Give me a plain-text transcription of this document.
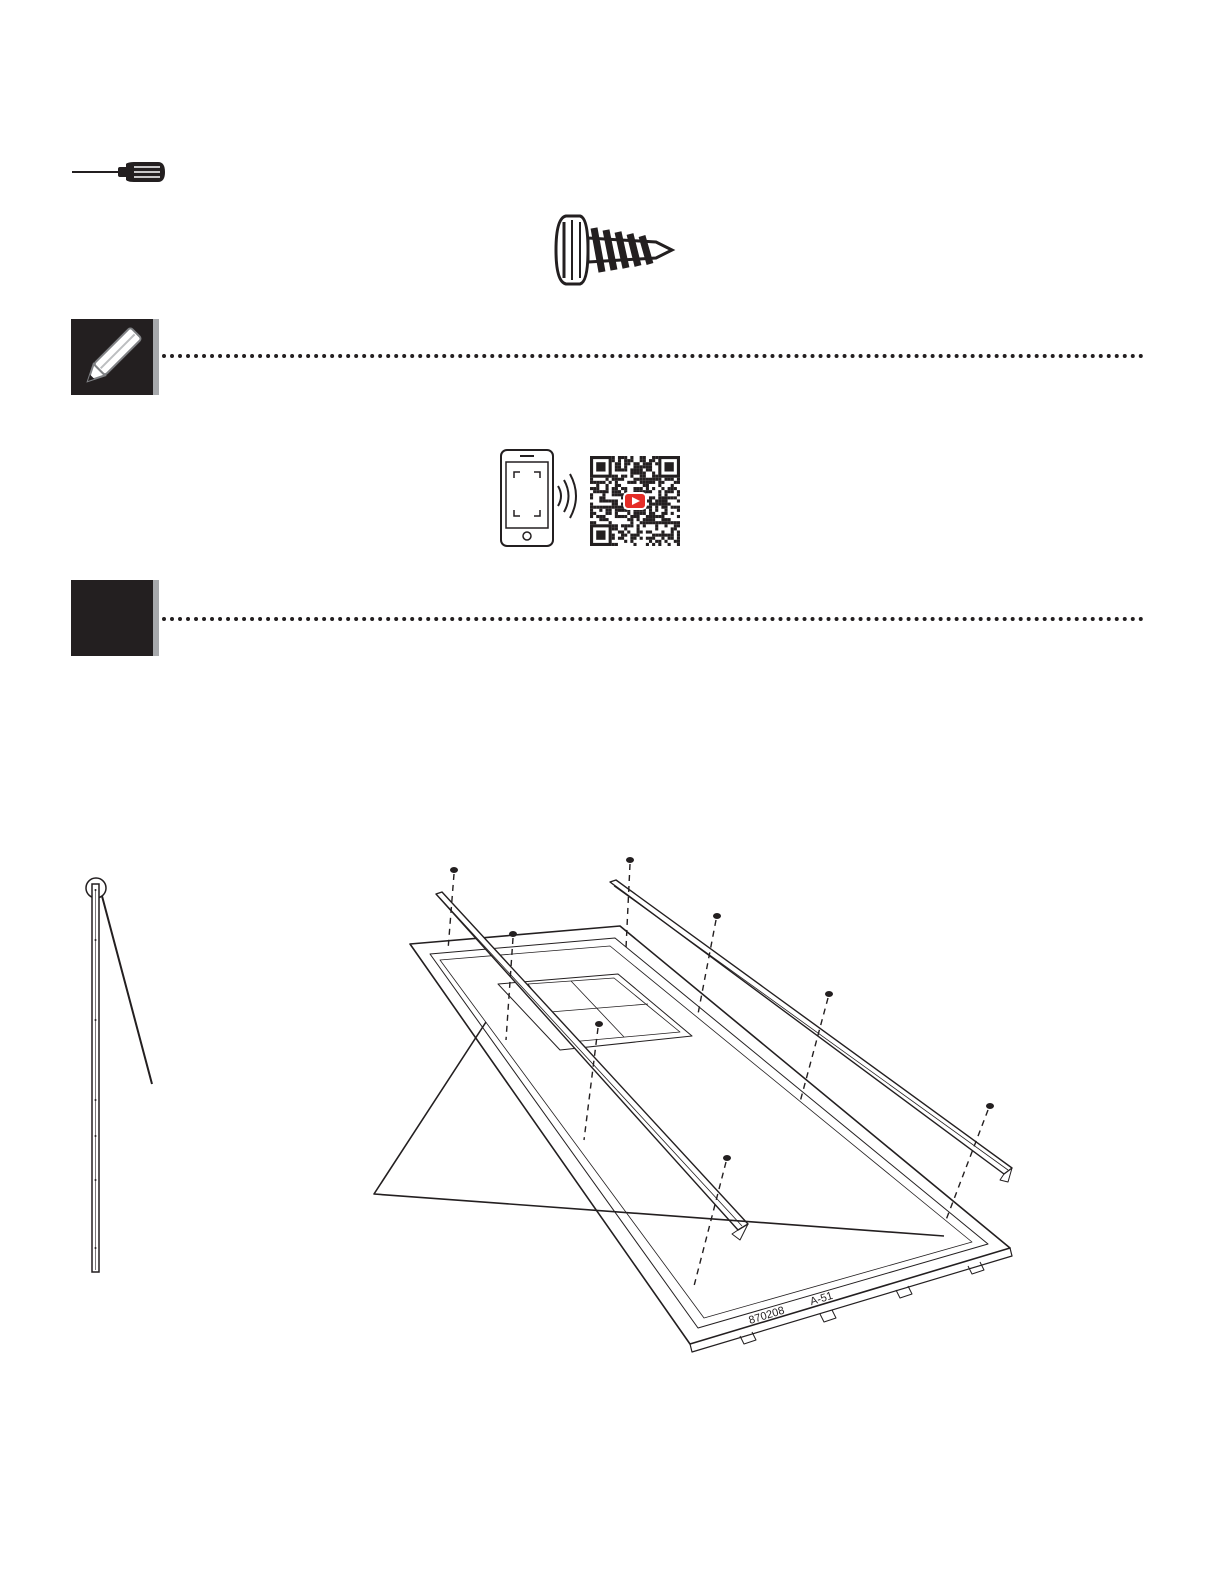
870208
A-51
